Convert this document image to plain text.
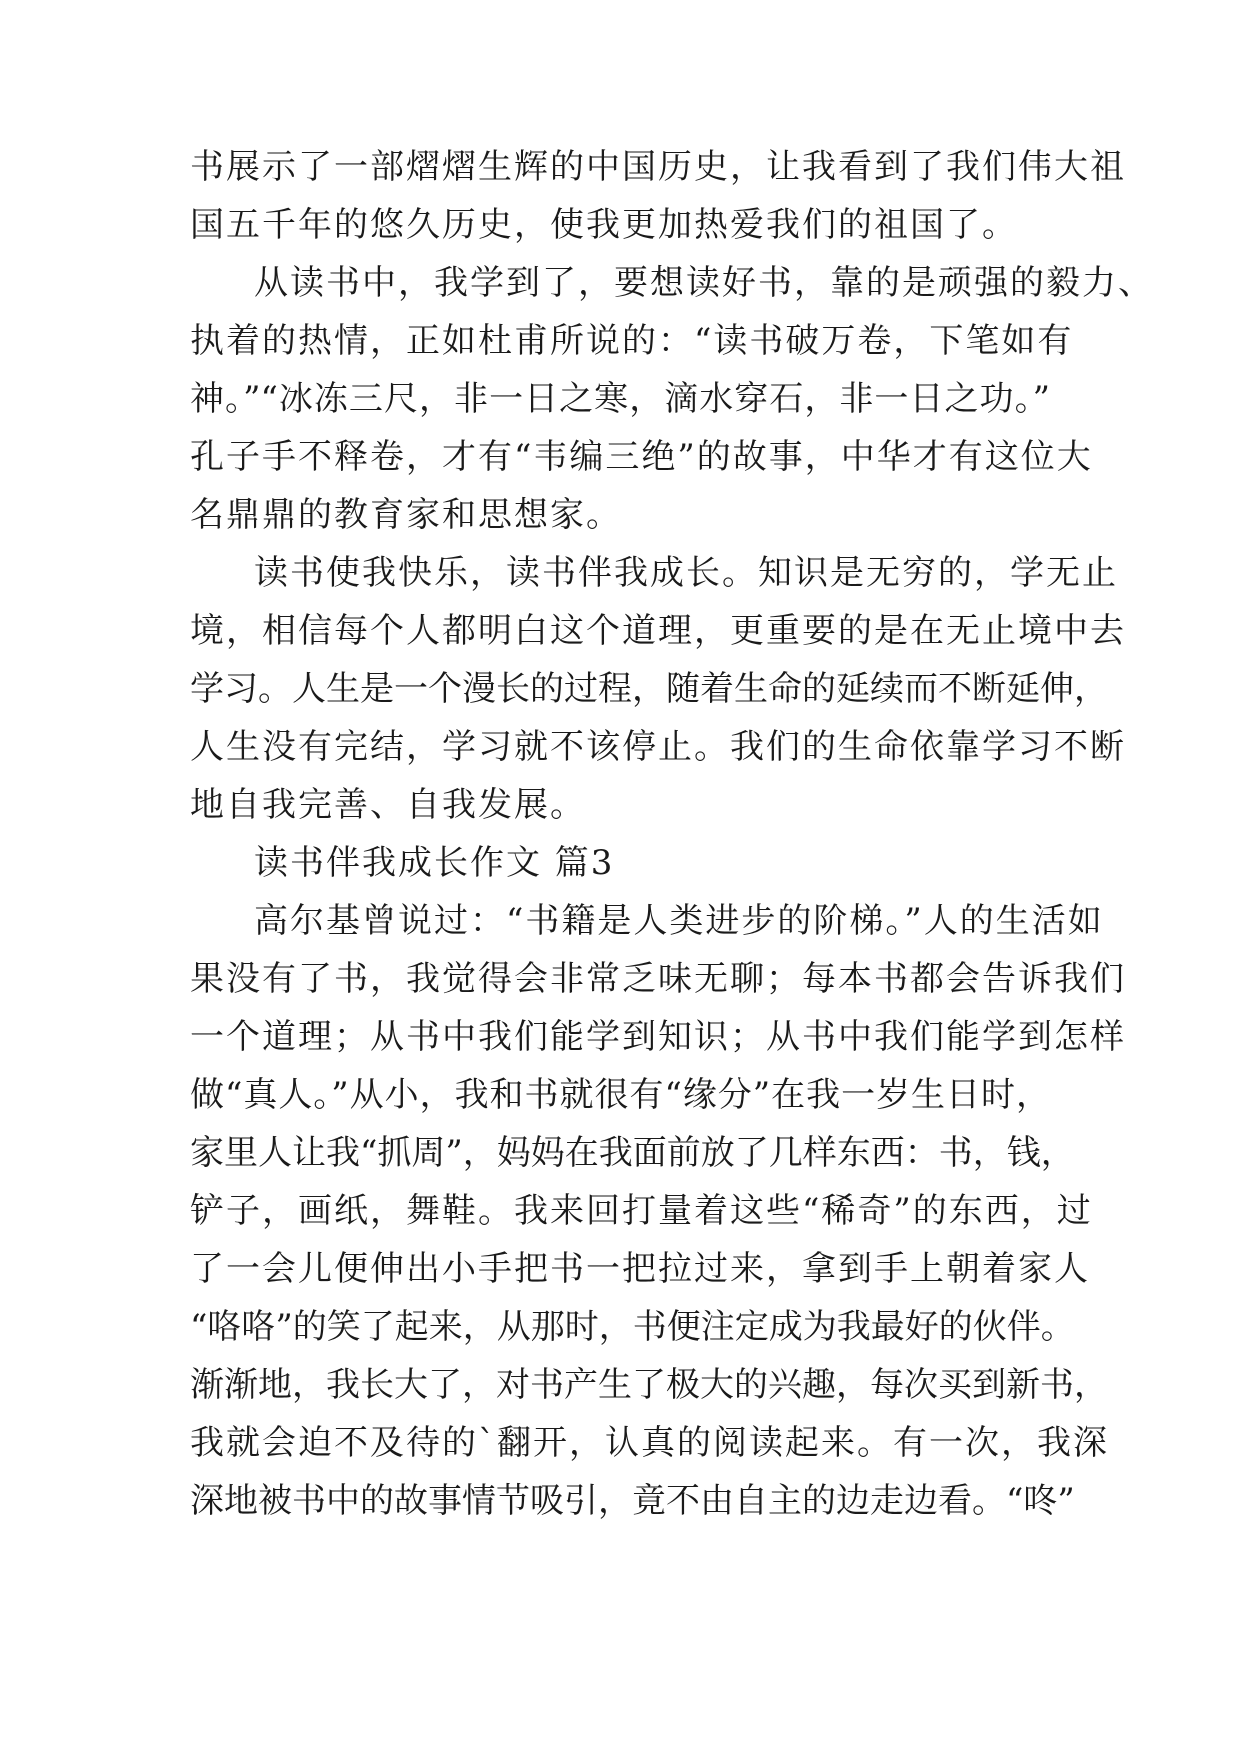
书展示了一部熠熠生辉的中国历史，让我看到了我们伟大祖
国五千年的悠久历史，使我更加热爱我们的祖国了。
从读书中，我学到了，要想读好书，靠的是顽强的毅力、
执着的热情，正如杜甫所说的：“读书破万卷，下笔如有
神。”“冰冻三尺，非一日之寒，滴水穿石，非一日之功。”
孔子手不释卷，才有“韦编三绝”的故事，中华才有这位大
名鼎鼎的教育家和思想家。
读书使我快乐，读书伴我成长。知识是无穷的，学无止
境，相信每个人都明白这个道理，更重要的是在无止境中去
学习。人生是一个漫长的过程，随着生命的延续而不断延伸，
人生没有完结，学习就不该停止。我们的生命依靠学习不断
地自我完善、自我发展。
读书伴我成长作文 篇3
高尔基曾说过：“书籍是人类进步的阶梯。”人的生活如
果没有了书，我觉得会非常乏味无聊；每本书都会告诉我们
一个道理；从书中我们能学到知识；从书中我们能学到怎样
做“真人。”从小，我和书就很有“缘分”在我一岁生日时，
家里人让我“抓周”，妈妈在我面前放了几样东西：书，钱，
铲子，画纸，舞鞋。我来回打量着这些“稀奇”的东西，过
了一会儿便伸出小手把书一把拉过来，拿到手上朝着家人
“咯咯”的笑了起来，从那时，书便注定成为我最好的伙伴。
渐渐地，我长大了，对书产生了极大的兴趣，每次买到新书，
我就会迫不及待的`翻开，认真的阅读起来。有一次，我深
深地被书中的故事情节吸引，竟不由自主的边走边看。“咚”
